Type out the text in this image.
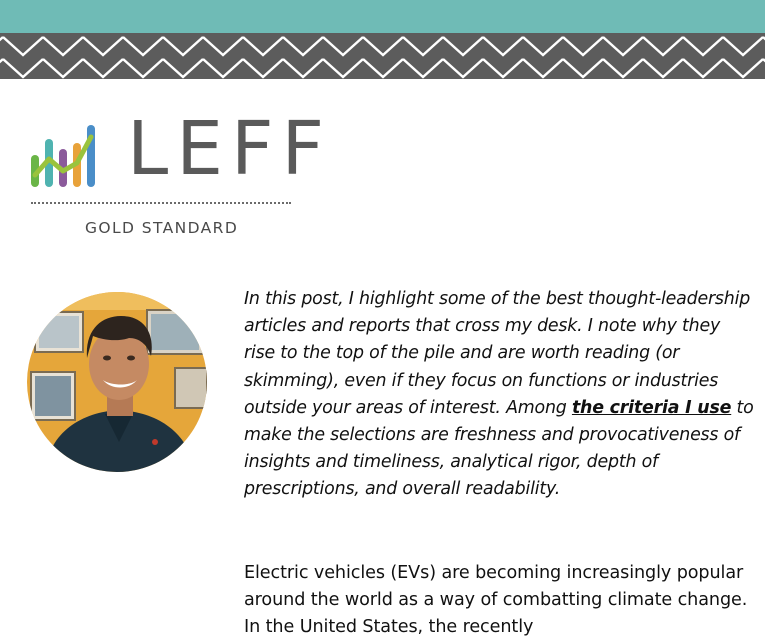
LEFF
GOLD STANDARD

In this post, I highlight some of the best thought-leadership articles and reports that cross my desk. I note why they rise to the top of the pile and are worth reading (or skimming), even if they focus on functions or industries outside your areas of interest. Among the criteria I use to make the selections are freshness and provocativeness of insights and timeliness, analytical rigor, depth of prescriptions, and overall readability.

Electric vehicles (EVs) are becoming increasingly popular around the world as a way of combatting climate change. In the United States, the recently
